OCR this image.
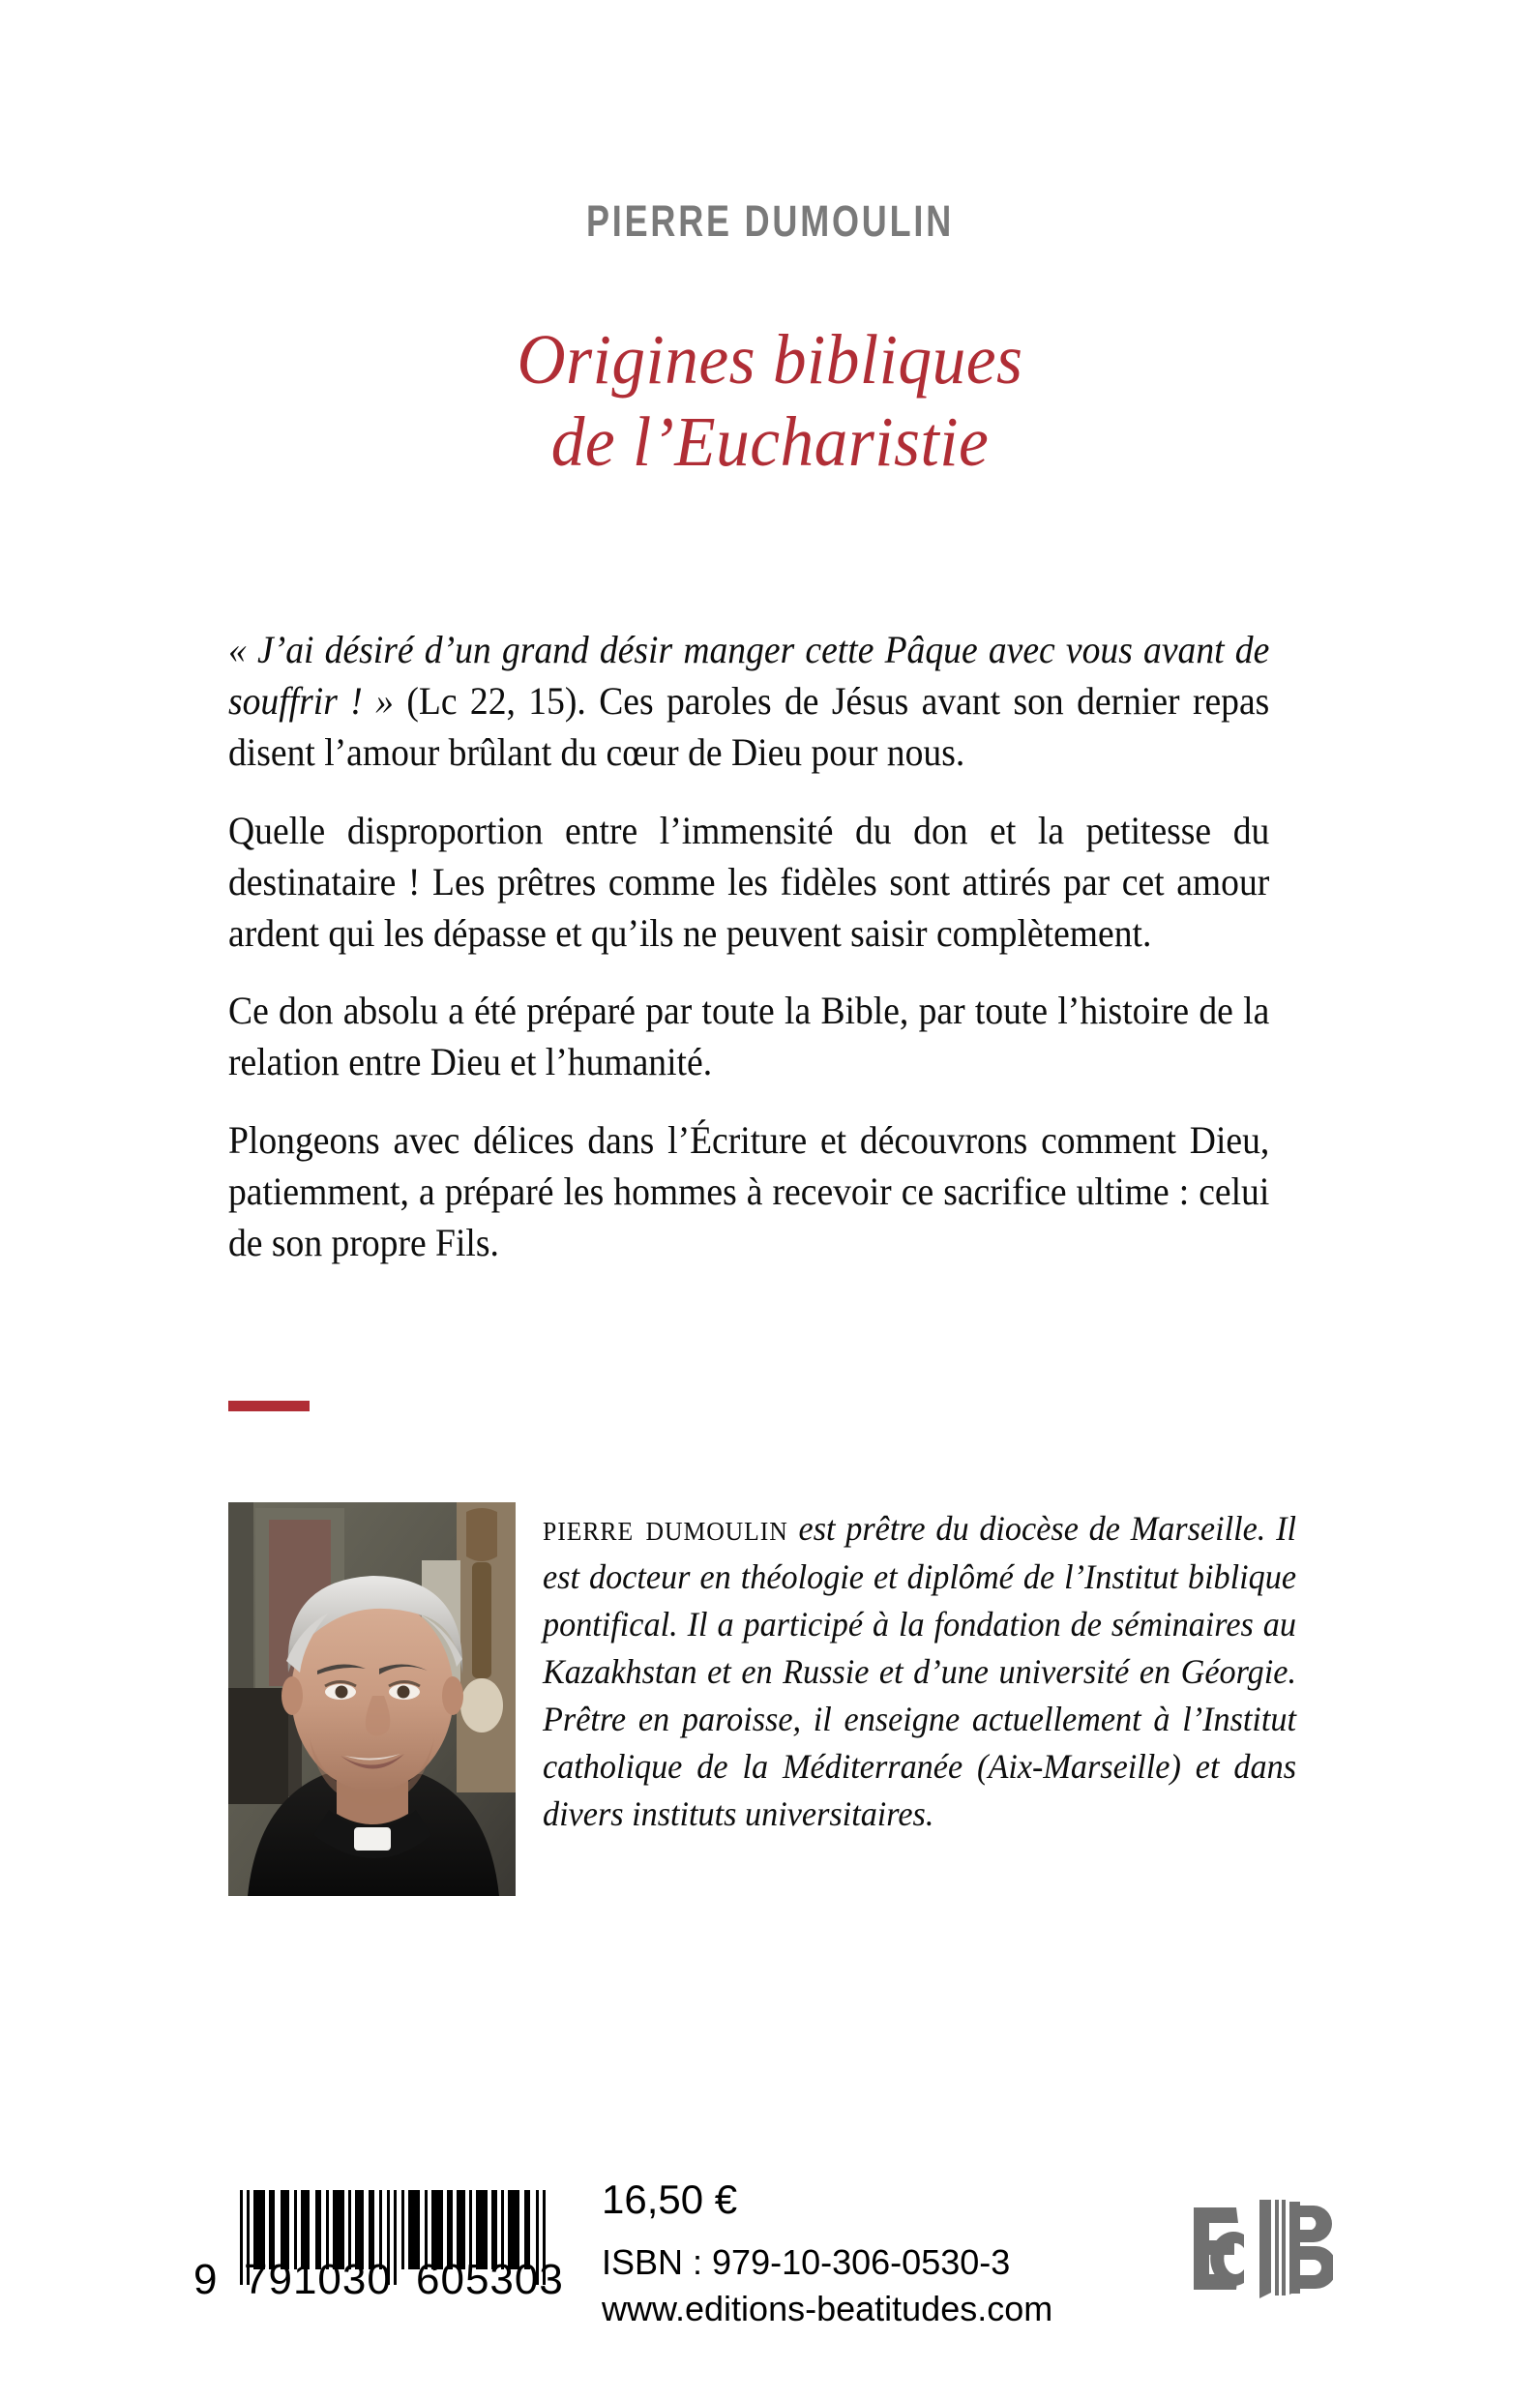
PIERRE DUMOULIN
Origines bibliques
de l’Eucharistie

« J’ai désiré d’un grand désir manger cette Pâque avec vous avant de souffrir ! » (Lc 22, 15). Ces paroles de Jésus avant son dernier repas disent l’amour brûlant du cœur de Dieu pour nous.

Quelle disproportion entre l’immensité du don et la petitesse du destinataire ! Les prêtres comme les fidèles sont attirés par cet amour ardent qui les dépasse et qu’ils ne peuvent saisir complètement.

Ce don absolu a été préparé par toute la Bible, par toute l’histoire de la relation entre Dieu et l’humanité.

Plongeons avec délices dans l’Écriture et découvrons comment Dieu, patiemment, a préparé les hommes à recevoir ce sacrifice ultime : celui de son propre Fils.

pierre dumoulin est prêtre du diocèse de Marseille. Il est docteur en théologie et diplômé de l’Institut biblique pontifical. Il a participé à la fondation de séminaires au Kazakhstan et en Russie et d’une université en Géorgie. Prêtre en paroisse, il enseigne actuellement à l’Institut catholique de la Méditerranée (Aix-Marseille) et dans divers instituts universitaires.
9 791030 605303
16,50 €
ISBN : 979-10-306-0530-3
www.editions-beatitudes.com
